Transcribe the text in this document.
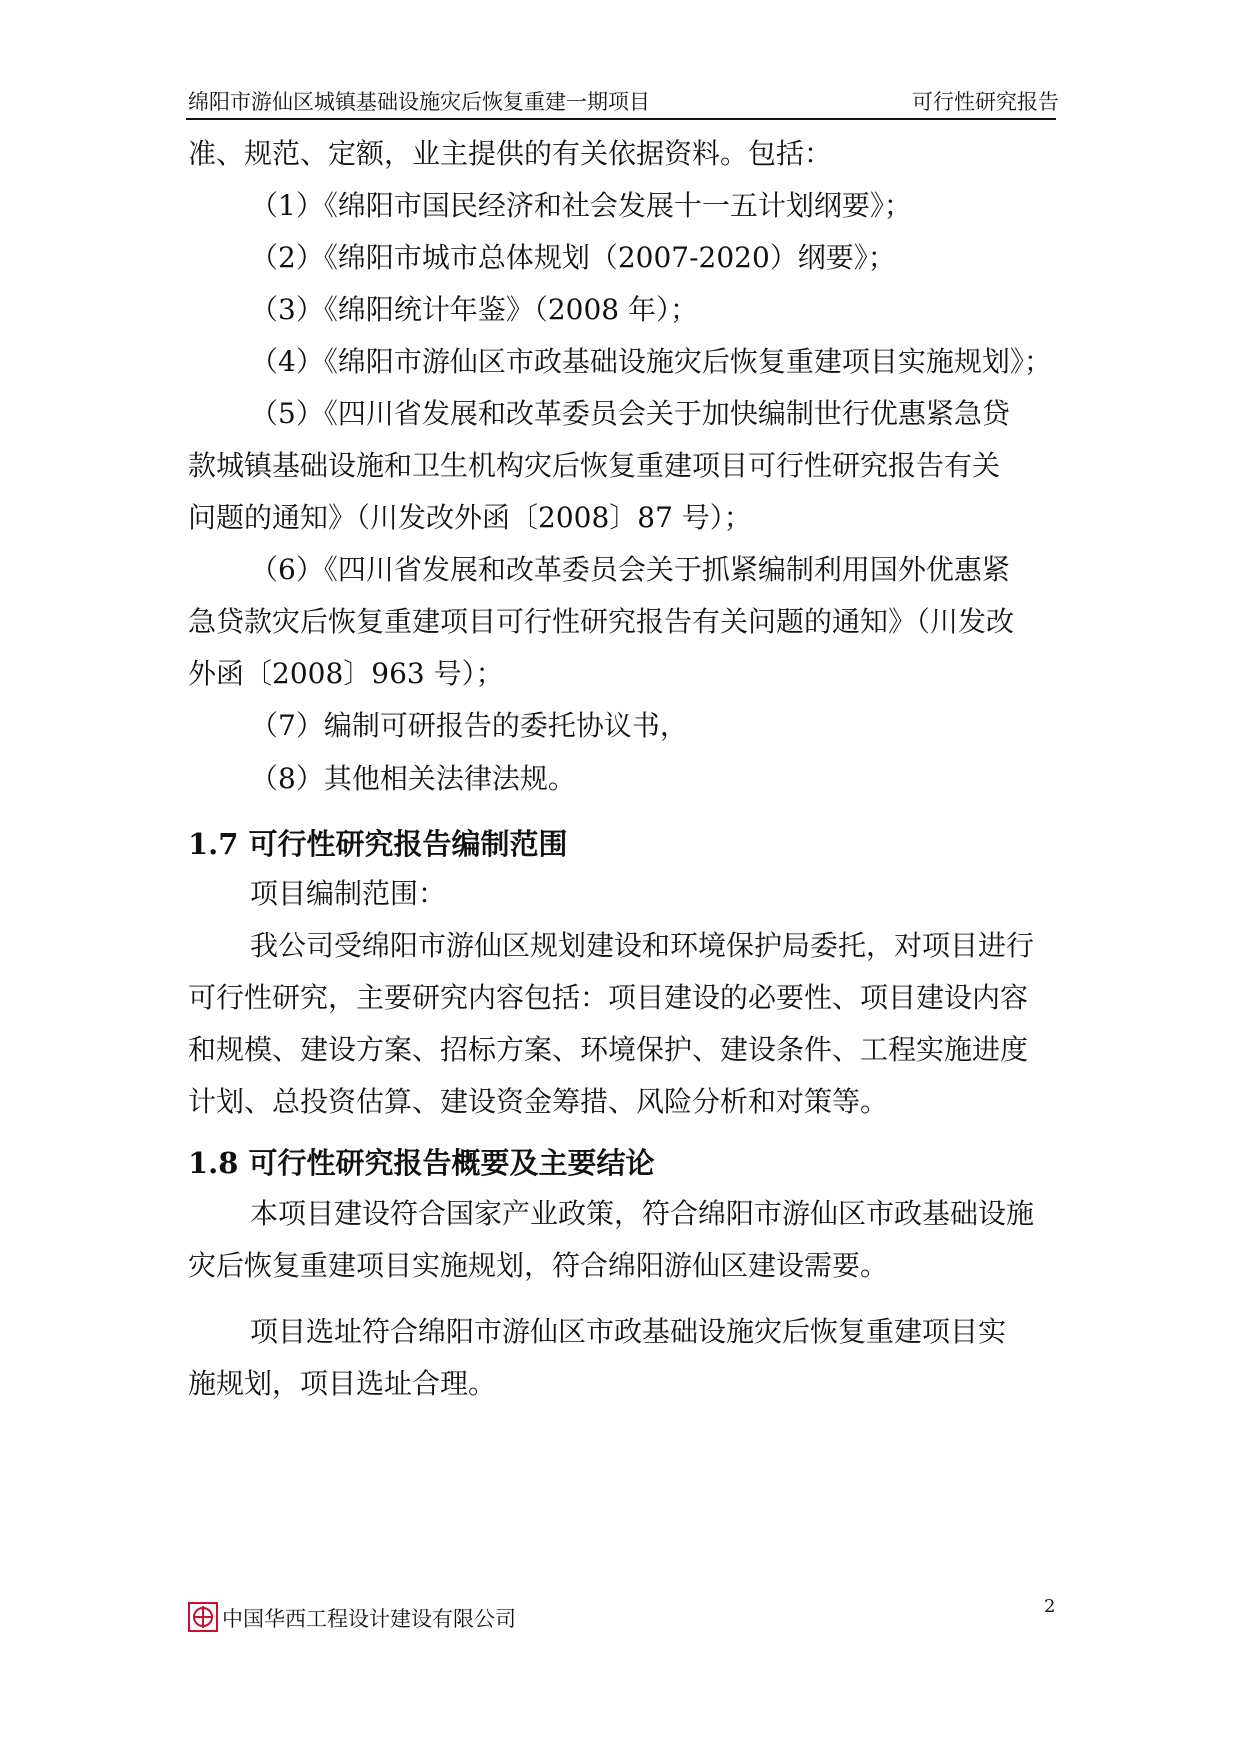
绵阳市游仙区城镇基础设施灾后恢复重建一期项目	可行性研究报告
准、规范、定额，业主提供的有关依据资料。包括：
（1）《绵阳市国民经济和社会发展十一五计划纲要》；
（2）《绵阳市城市总体规划（2007-2020）纲要》；
（3）《绵阳统计年鉴》（2008 年）；
（4）《绵阳市游仙区市政基础设施灾后恢复重建项目实施规划》；
（5）《四川省发展和改革委员会关于加快编制世行优惠紧急贷
款城镇基础设施和卫生机构灾后恢复重建项目可行性研究报告有关
问题的通知》（川发改外函〔2008〕87 号）；
（6）《四川省发展和改革委员会关于抓紧编制利用国外优惠紧
急贷款灾后恢复重建项目可行性研究报告有关问题的通知》（川发改
外函〔2008〕963 号）；
（7）编制可研报告的委托协议书，
（8）其他相关法律法规。
1.7 可行性研究报告编制范围
项目编制范围：
我公司受绵阳市游仙区规划建设和环境保护局委托，对项目进行
可行性研究，主要研究内容包括：项目建设的必要性、项目建设内容
和规模、建设方案、招标方案、环境保护、建设条件、工程实施进度
计划、总投资估算、建设资金筹措、风险分析和对策等。
1.8 可行性研究报告概要及主要结论
本项目建设符合国家产业政策，符合绵阳市游仙区市政基础设施
灾后恢复重建项目实施规划，符合绵阳游仙区建设需要。
项目选址符合绵阳市游仙区市政基础设施灾后恢复重建项目实
施规划，项目选址合理。
中国华西工程设计建设有限公司
2
